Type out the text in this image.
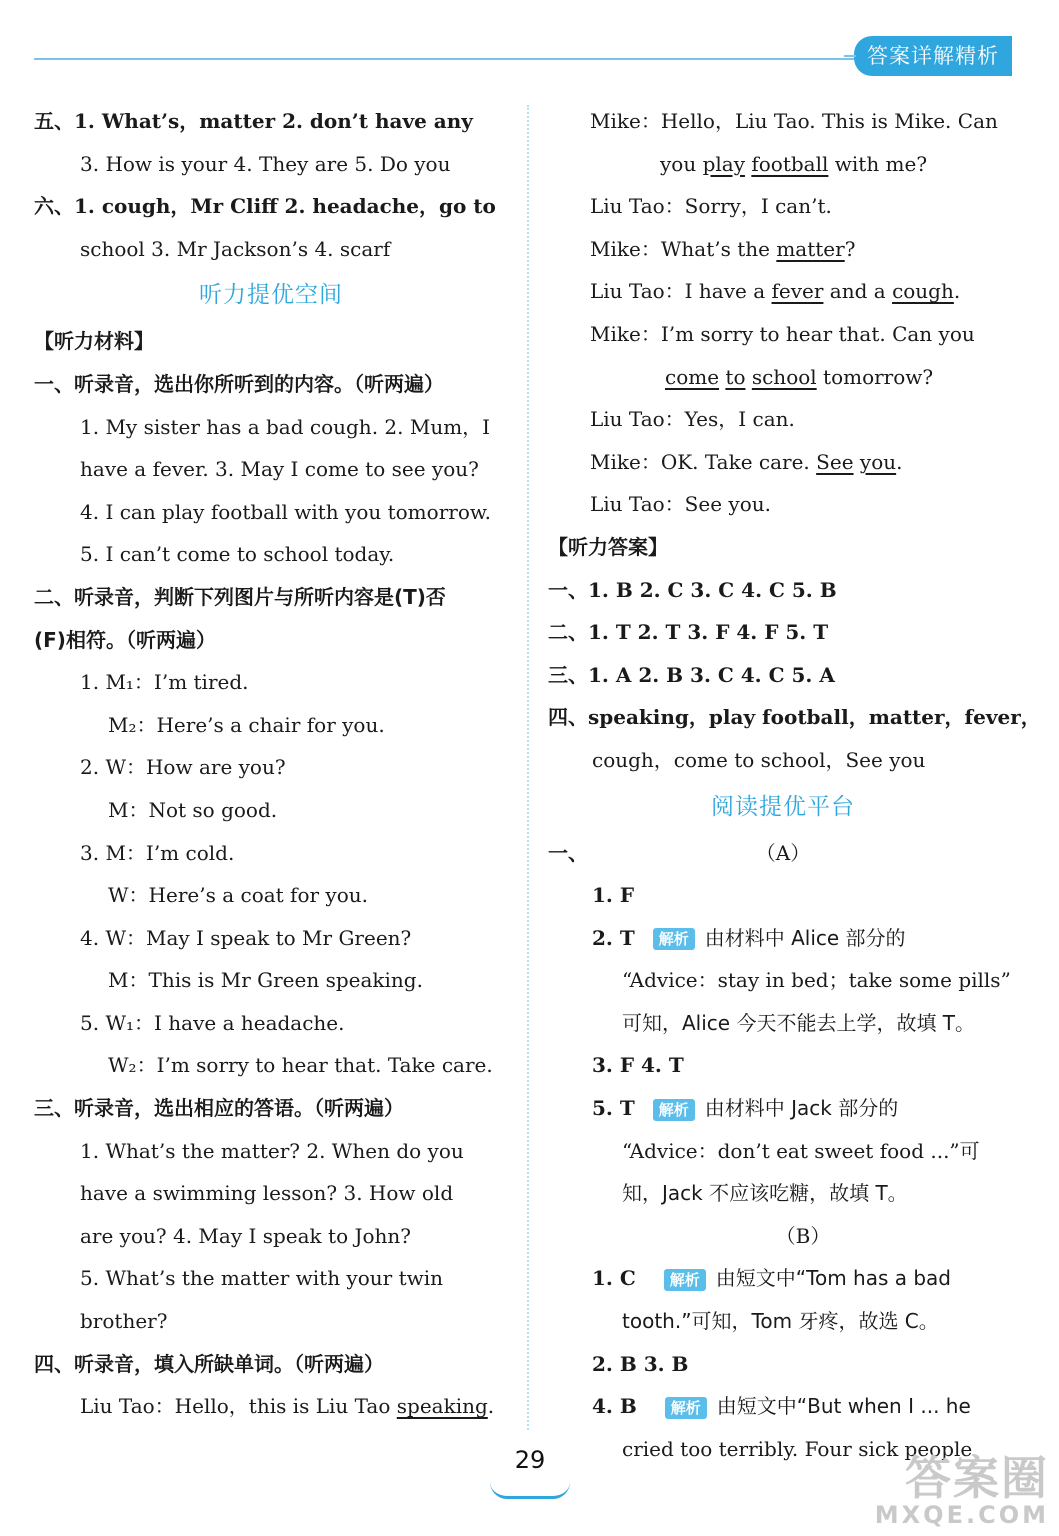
答案详解精析
五、1. What’s，matter 2. don’t have any
3. How is your 4. They are 5. Do you
六、1. cough，Mr Cliff 2. headache，go to
school 3. Mr Jackson’s 4. scarf
听力提优空间
【听力材料】
一、听录音，选出你所听到的内容。（听两遍）
1. My sister has a bad cough. 2. Mum，I
have a fever. 3. May I come to see you?
4. I can play football with you tomorrow.
5. I can’t come to school today.
二、听录音，判断下列图片与所听内容是(T)否
(F)相符。（听两遍）
1. M₁：I’m tired.
M₂：Here’s a chair for you.
2. W：How are you?
M：Not so good.
3. M：I’m cold.
W：Here’s a coat for you.
4. W：May I speak to Mr Green?
M：This is Mr Green speaking.
5. W₁：I have a headache.
W₂：I’m sorry to hear that. Take care.
三、听录音，选出相应的答语。（听两遍）
1. What’s the matter? 2. When do you
have a swimming lesson? 3. How old
are you? 4. May I speak to John?
5. What’s the matter with your twin
brother?
四、听录音，填入所缺单词。（听两遍）
Liu Tao：Hello，this is Liu Tao speaking.
Mike：Hello，Liu Tao. This is Mike. Can
you play football with me?
Liu Tao：Sorry，I can’t.
Mike：What’s the matter?
Liu Tao：I have a fever and a cough.
Mike：I’m sorry to hear that. Can you
come to school tomorrow?
Liu Tao：Yes，I can.
Mike：OK. Take care. See you.
Liu Tao：See you.
【听力答案】
一、1. B 2. C 3. C 4. C 5. B
二、1. T 2. T 3. F 4. F 5. T
三、1. A 2. B 3. C 4. C 5. A
四、speaking，play football，matter，fever，
cough，come to school，See you
阅读提优平台
一、	（A）
1. F
2. T 解析 由材料中 Alice 部分的
“Advice：stay in bed；take some pills”
可知，Alice 今天不能去上学，故填 T。
3. F 4. T
5. T 解析 由材料中 Jack 部分的
“Advice：don’t eat sweet food ...”可
知，Jack 不应该吃糖，故填 T。
（B）
1. C 解析 由短文中“Tom has a bad
tooth.”可知，Tom 牙疼，故选 C。
2. B 3. B
4. B 解析 由短文中“But when I ... he
cried too terribly. Four sick people
29	答案圈
MXQE.COM
